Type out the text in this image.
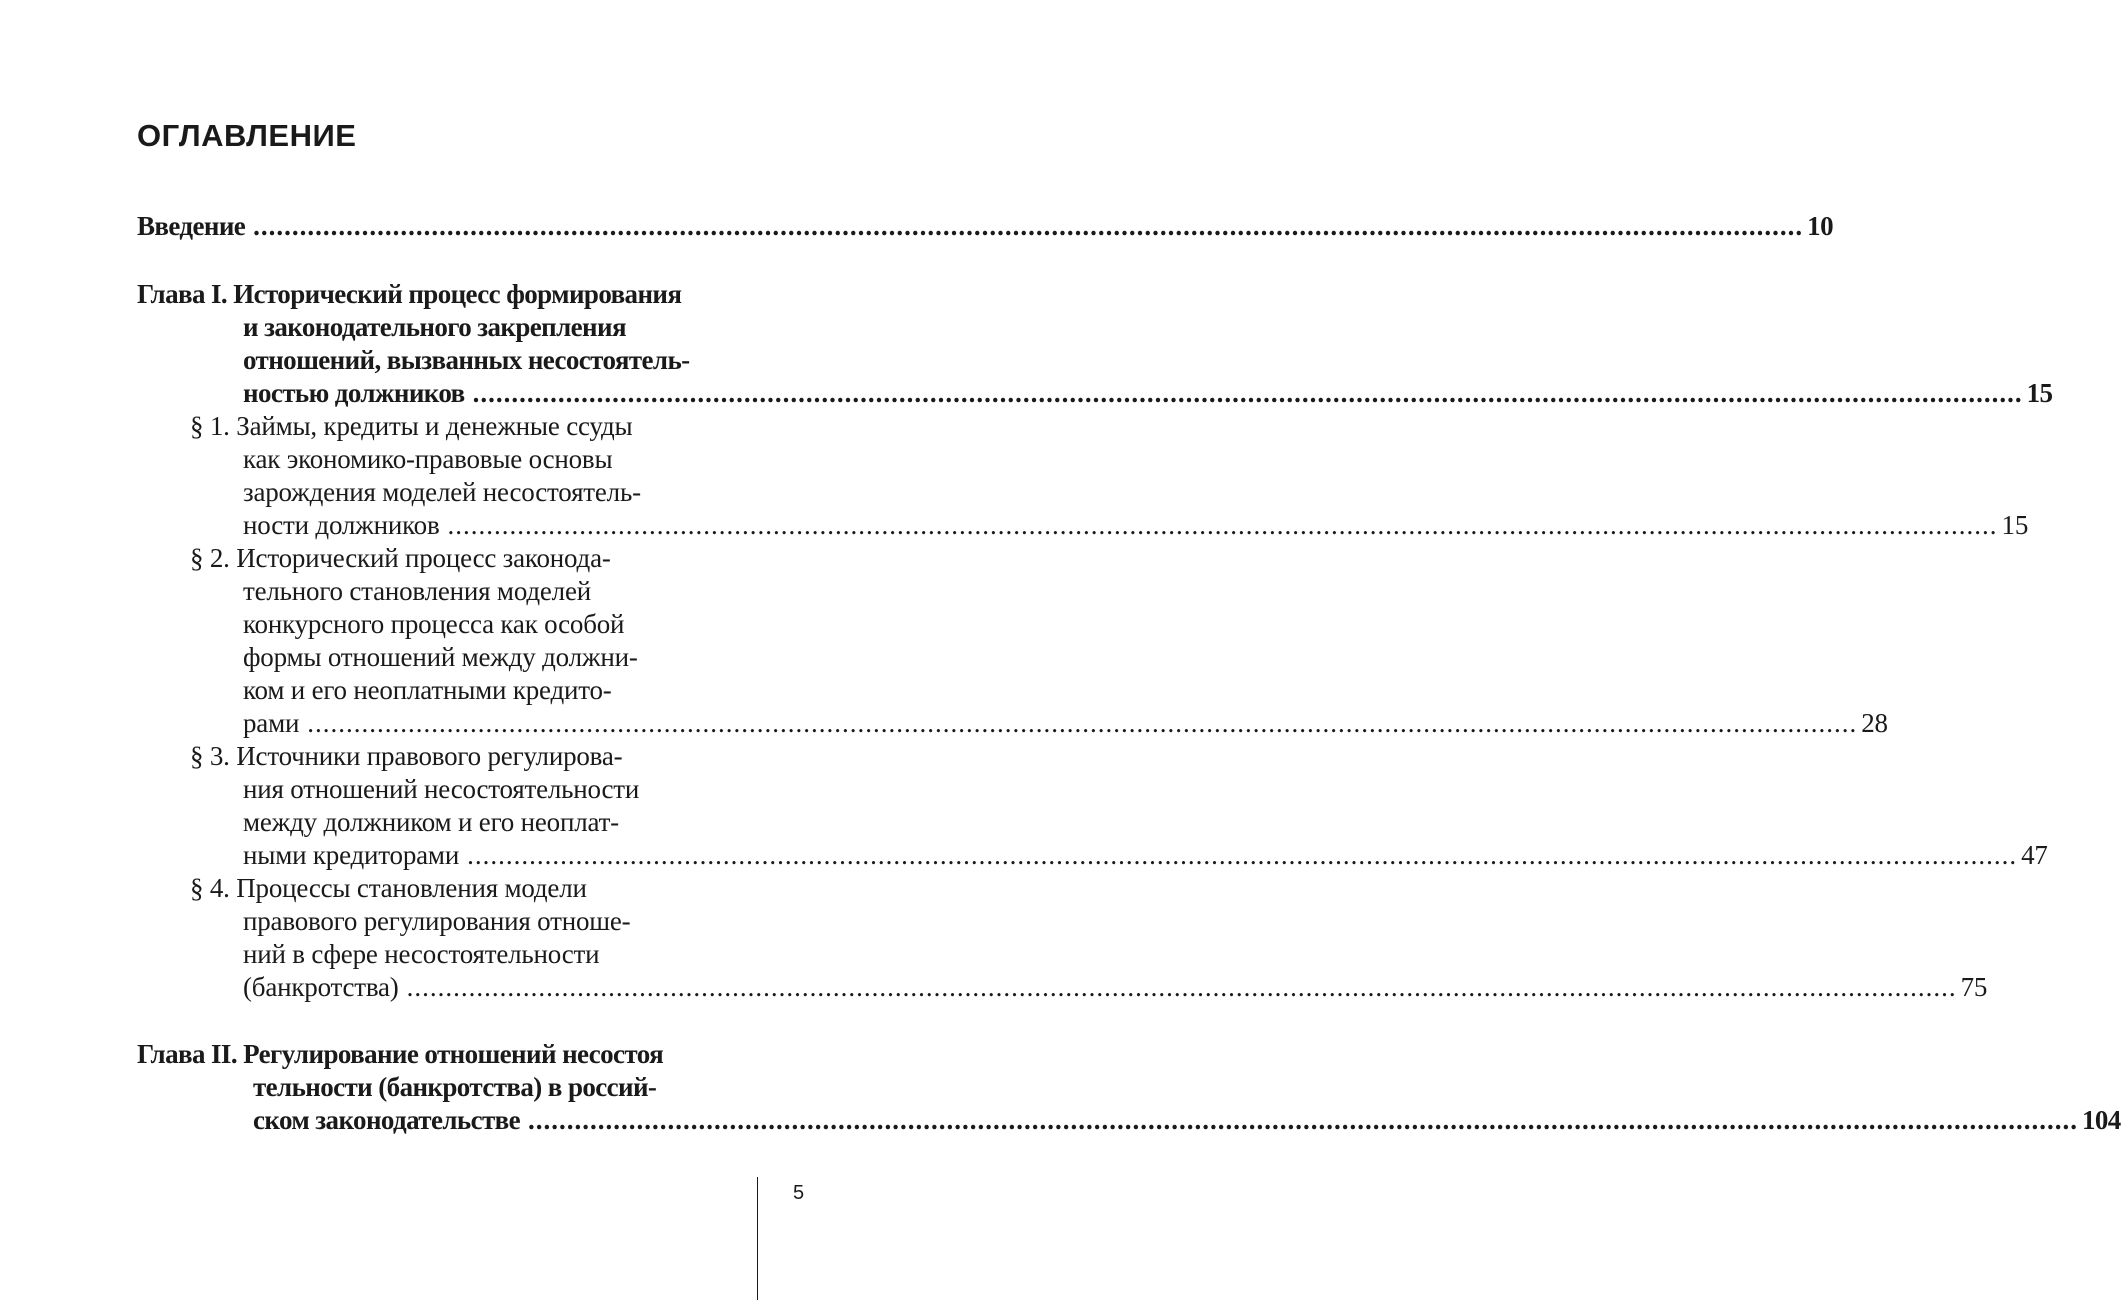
ОГЛАВЛЕНИЕ
Введение ........................................................................................................................................................................................................ 10
Глава I. Исторический процесс формирования
и законодательного закрепления
отношений, вызванных несостоятель-
ностью должников ........................................................................................................................................................................................................ 15
§ 1. Займы, кредиты и денежные ссуды
как экономико-правовые основы
зарождения моделей несостоятель-
ности должников ........................................................................................................................................................................................................ 15
§ 2. Исторический процесс законода-
тельного становления моделей
конкурсного процесса как особой
формы отношений между должни-
ком и его неоплатными кредито-
рами ........................................................................................................................................................................................................ 28
§ 3. Источники правового регулирова-
ния отношений несостоятельности
между должником и его неоплат-
ными кредиторами ........................................................................................................................................................................................................ 47
§ 4. Процессы становления модели
правового регулирования отноше-
ний в сфере несостоятельности
(банкротства) ........................................................................................................................................................................................................ 75
Глава II. Регулирование отношений несостоя
тельности (банкротства) в россий-
ском законодательстве ........................................................................................................................................................................................................ 104
5
